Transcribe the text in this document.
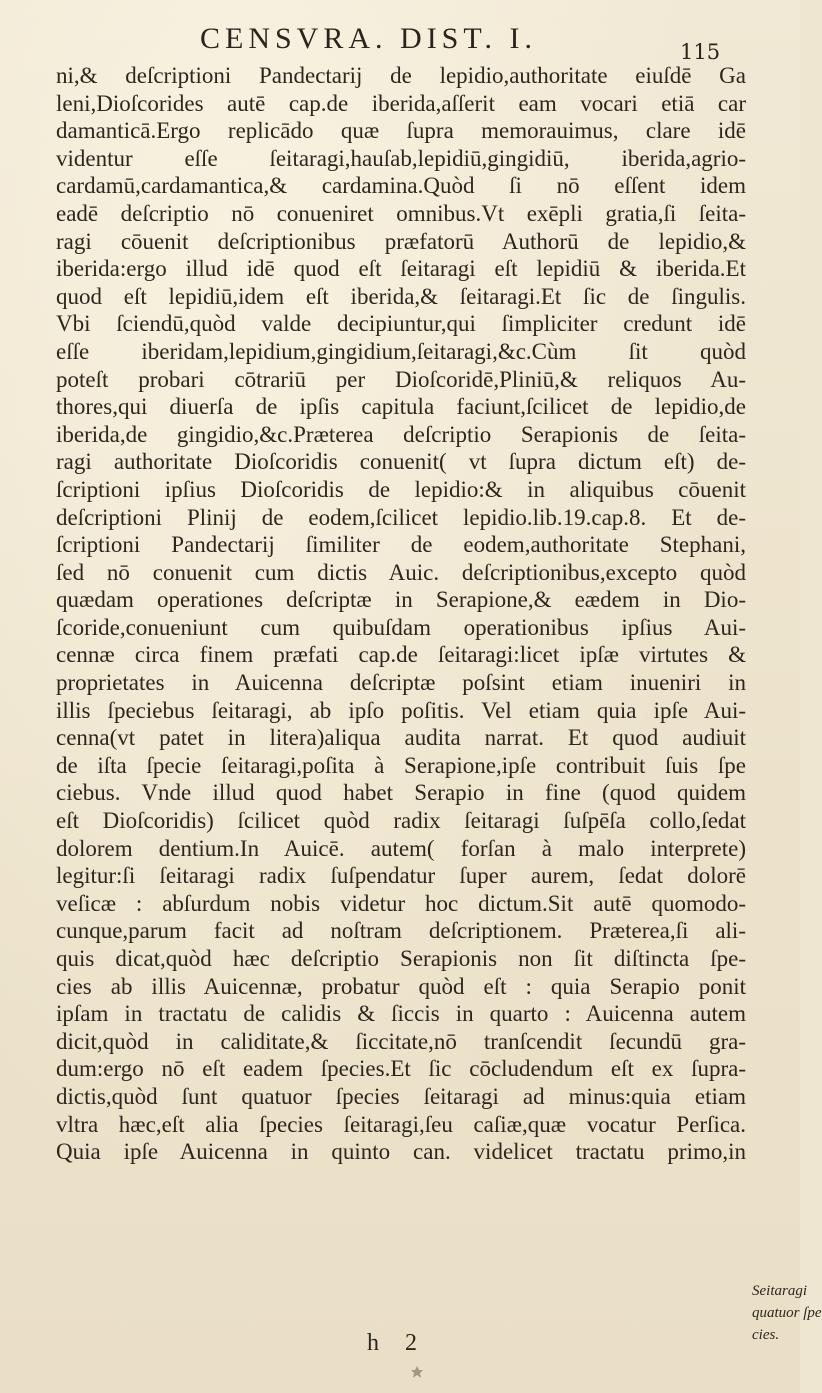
CENSVRA. DIST. I.	115
ni,& deſcriptioni Pandectarij de lepidio,authoritate eiuſdē Ga
leni,Dioſcorides autē cap.de iberida,aſſerit eam vocari etiā car
damanticā.Ergo replicādo quæ ſupra memorauimus, clare idē
videntur eſſe ſeitaragi,hauſab,lepidiū,gingidiū, iberida,agrio-
cardamū,cardamantica,& cardamina.Quòd ſi nō eſſent idem
eadē deſcriptio nō conueniret omnibus.Vt exēpli gratia,ſi ſeita-
ragi cōuenit deſcriptionibus præfatorū Authorū de lepidio,&
iberida:ergo illud idē quod eſt ſeitaragi eſt lepidiū & iberida.Et
quod eſt lepidiū,idem eſt iberida,& ſeitaragi.Et ſic de ſingulis.
Vbi ſciendū,quòd valde decipiuntur,qui ſimpliciter credunt idē
eſſe iberidam,lepidium,gingidium,ſeitaragi,&c.Cùm ſit quòd
poteſt probari cōtrariū per Dioſcoridē,Pliniū,& reliquos Au-
thores,qui diuerſa de ipſis capitula faciunt,ſcilicet de lepidio,de
iberida,de gingidio,&c.Præterea deſcriptio Serapionis de ſeita-
ragi authoritate Dioſcoridis conuenit( vt ſupra dictum eſt) de-
ſcriptioni ipſius Dioſcoridis de lepidio:& in aliquibus cōuenit
deſcriptioni Plinij de eodem,ſcilicet lepidio.lib.19.cap.8. Et de-
ſcriptioni Pandectarij ſimiliter de eodem,authoritate Stephani,
ſed nō conuenit cum dictis Auic. deſcriptionibus,excepto quòd
quædam operationes deſcriptæ in Serapione,& eædem in Dio-
ſcoride,conueniunt cum quibuſdam operationibus ipſius Aui-
cennæ circa finem præfati cap.de ſeitaragi:licet ipſæ virtutes &
proprietates in Auicenna deſcriptæ poſsint etiam inueniri in
illis ſpeciebus ſeitaragi, ab ipſo poſitis. Vel etiam quia ipſe Aui-
cenna(vt patet in litera)aliqua audita narrat. Et quod audiuit
de iſta ſpecie ſeitaragi,poſita à Serapione,ipſe contribuit ſuis ſpe
ciebus. Vnde illud quod habet Serapio in fine (quod quidem
eſt Dioſcoridis) ſcilicet quòd radix ſeitaragi ſuſpēſa collo,ſedat
dolorem dentium.In Auicē. autem( forſan à malo interprete)
legitur:ſi ſeitaragi radix ſuſpendatur ſuper aurem, ſedat dolorē
veſicæ : abſurdum nobis videtur hoc dictum.Sit autē quomodo-
cunque,parum facit ad noſtram deſcriptionem. Præterea,ſi ali-
quis dicat,quòd hæc deſcriptio Serapionis non ſit diſtincta ſpe-
cies ab illis Auicennæ, probatur quòd eſt : quia Serapio ponit
ipſam in tractatu de calidis & ſiccis in quarto : Auicenna autem
dicit,quòd in caliditate,& ſiccitate,nō tranſcendit ſecundū gra-
dum:ergo nō eſt eadem ſpecies.Et ſic cōcludendum eſt ex ſupra-
dictis,quòd ſunt quatuor ſpecies ſeitaragi ad minus:quia etiam
vltra hæc,eſt alia ſpecies ſeitaragi,ſeu caſiæ,quæ vocatur Perſica.
Quia ipſe Auicenna in quinto can. videlicet tractatu primo,in
Seitaragi
quatuor ſpe
cies.
h 2
